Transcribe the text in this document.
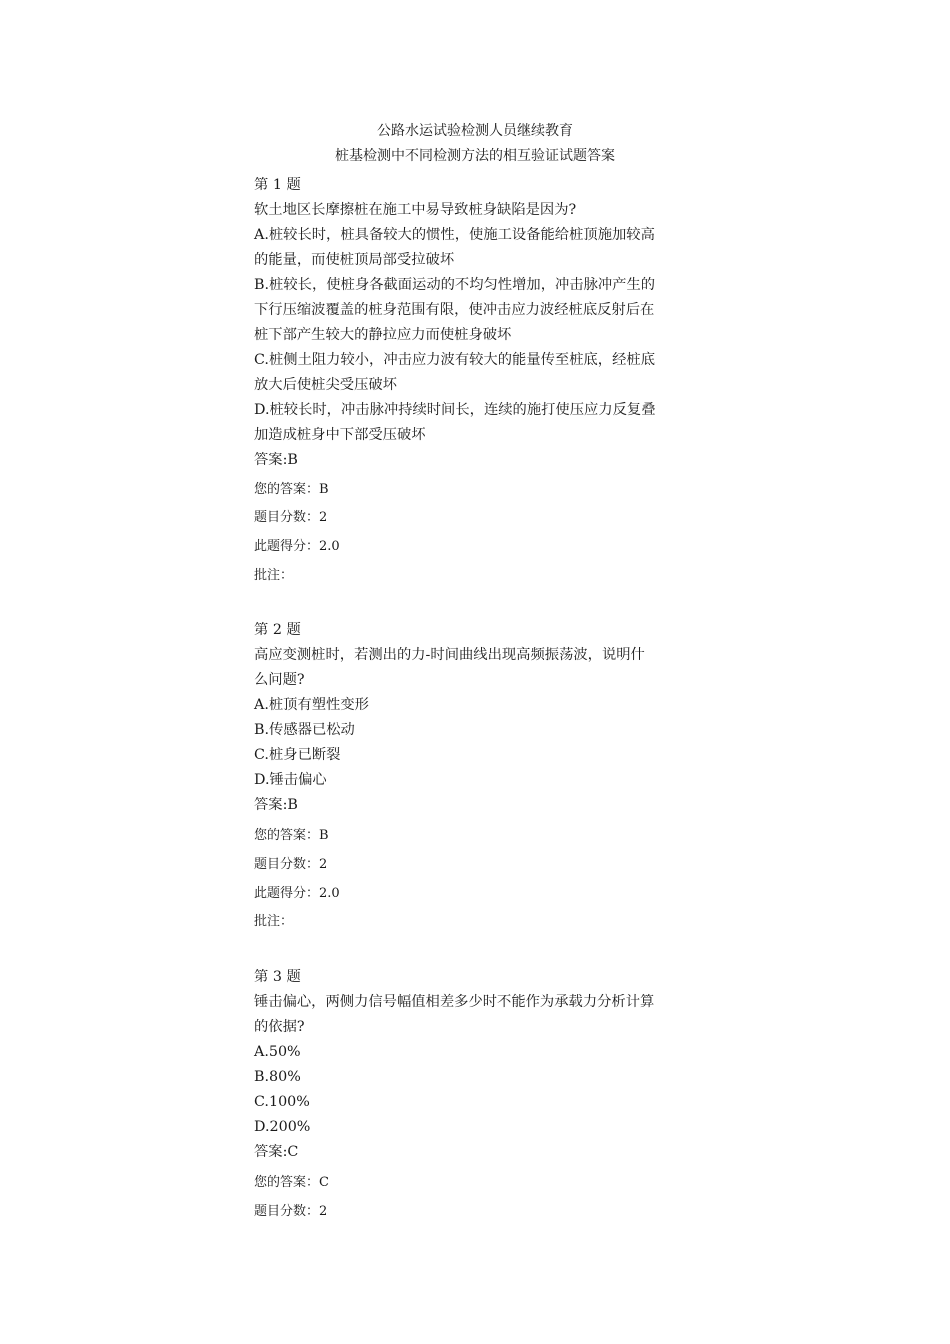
公路水运试验检测人员继续教育
桩基检测中不同检测方法的相互验证试题答案

第 1 题

软土地区长摩擦桩在施工中易导致桩身缺陷是因为?

A.桩较长时，桩具备较大的惯性，使施工设备能给桩顶施加较高

的能量，而使桩顶局部受拉破坏

B.桩较长，使桩身各截面运动的不均匀性增加，冲击脉冲产生的

下行压缩波覆盖的桩身范围有限，使冲击应力波经桩底反射后在

桩下部产生较大的静拉应力而使桩身破坏

C.桩侧土阻力较小，冲击应力波有较大的能量传至桩底，经桩底

放大后使桩尖受压破坏

D.桩较长时，冲击脉冲持续时间长，连续的施打使压应力反复叠

加造成桩身中下部受压破坏

答案:B

您的答案：B

题目分数：2

此题得分：2.0

批注：

第 2 题

高应变测桩时，若测出的力-时间曲线出现高频振荡波，说明什

么问题?

A.桩顶有塑性变形

B.传感器已松动

C.桩身已断裂

D.锤击偏心

答案:B

您的答案：B

题目分数：2

此题得分：2.0

批注：

第 3 题

锤击偏心，两侧力信号幅值相差多少时不能作为承载力分析计算

的依据?

A.50%

B.80%

C.100%

D.200%

答案:C

您的答案：C

题目分数：2
